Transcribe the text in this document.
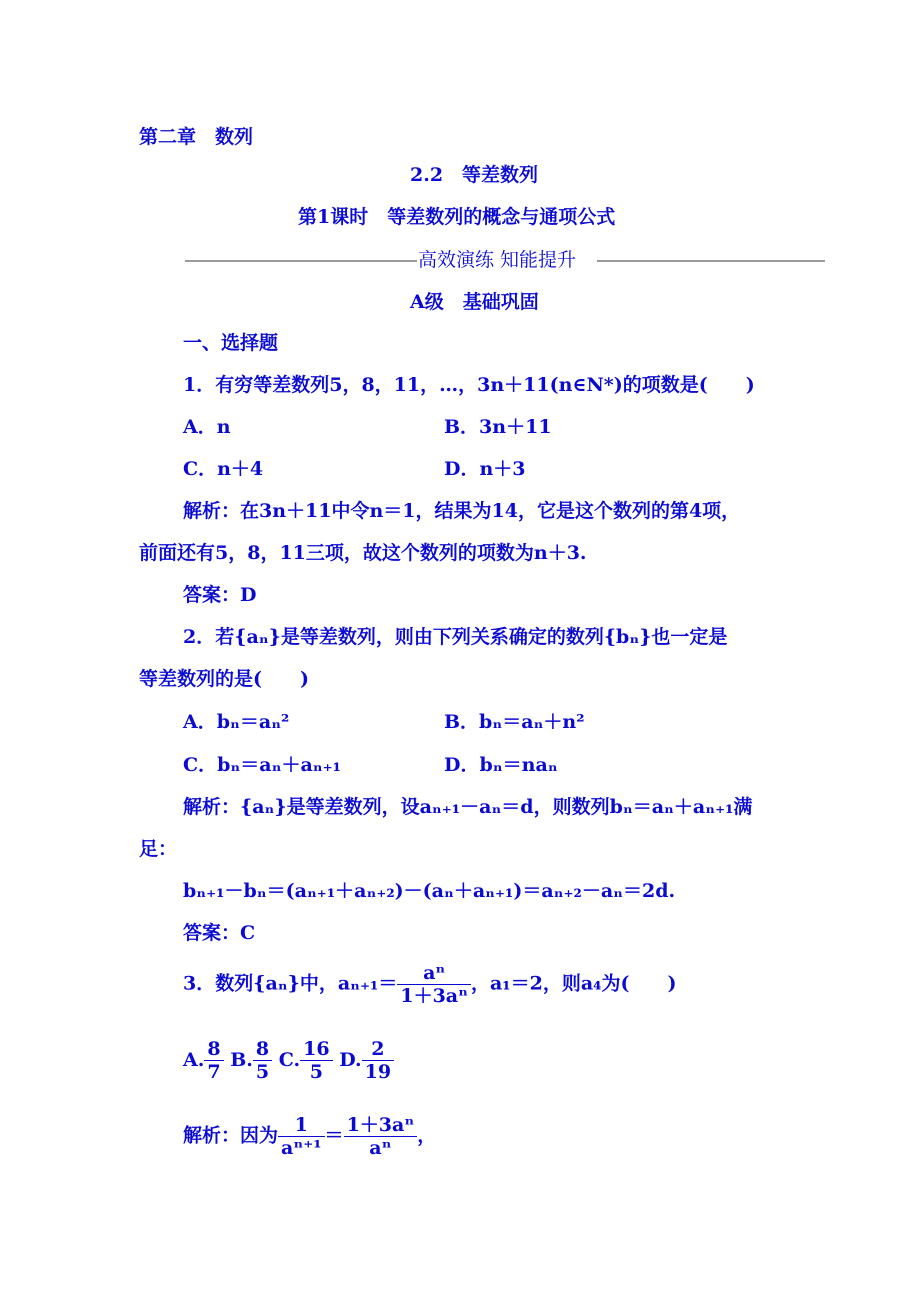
第二章　数列
2.2　等差数列
第1课时　等差数列的概念与通项公式
高效演练 知能提升
A级　基础巩固
一、选择题
1．有穷等差数列5，8，11，…，3n＋11(n∈N*)的项数是(　　)
A．n	B．3n＋11
C．n＋4	D．n＋3
解析：在3n＋11中令n＝1，结果为14，它是这个数列的第4项，
前面还有5，8，11三项，故这个数列的项数为n＋3.
答案：D
2．若{aₙ}是等差数列，则由下列关系确定的数列{bₙ}也一定是
等差数列的是(　　)
A．bₙ＝aₙ²	B．bₙ＝aₙ＋n²
C．bₙ＝aₙ＋aₙ₊₁	D．bₙ＝naₙ
解析：{aₙ}是等差数列，设aₙ₊₁－aₙ＝d，则数列bₙ＝aₙ＋aₙ₊₁满
足：
bₙ₊₁－bₙ＝(aₙ₊₁＋aₙ₊₂)－(aₙ＋aₙ₊₁)＝aₙ₊₂－aₙ＝2d.
答案：C
3．数列{aₙ}中，$a_{n+1}= \frac{\text{aⁿ}}{\text{1＋3aⁿ}}$ ，a₁＝2，则a₄为(　　)
A. $\frac{8}{7} B$. $\frac{8}{5} C$. $\frac{16}{5} D$. $\frac{2}{19}$
解析：因为 $\frac{1}{\text{aⁿ⁺¹}} = \frac{\text{1＋3aⁿ}}{\text{aⁿ}}$ ，
